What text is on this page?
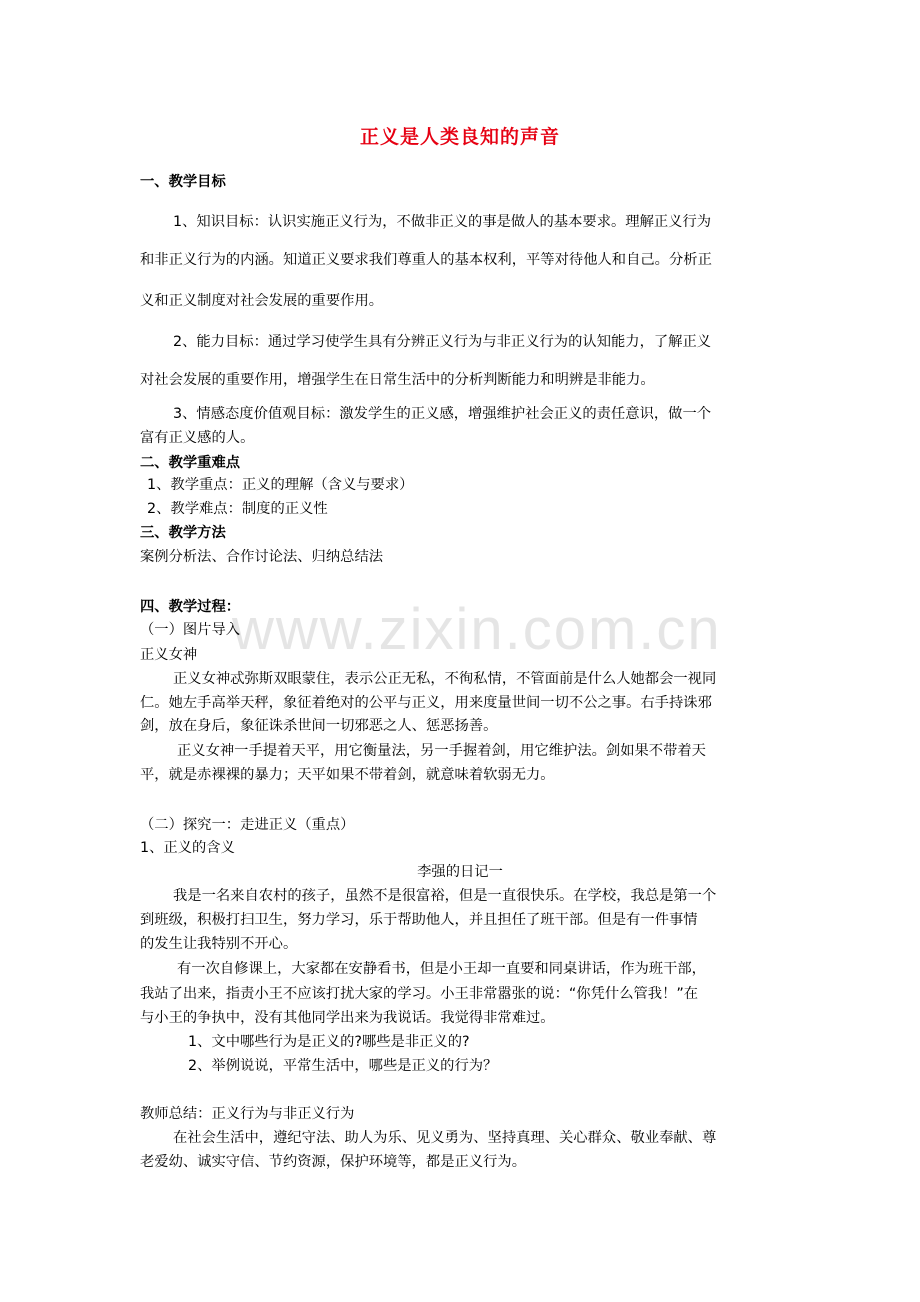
www.zixin.com.cn
正义是人类良知的声音
一、教学目标
1、知识目标：认识实施正义行为，不做非正义的事是做人的基本要求。理解正义行为
和非正义行为的内涵。知道正义要求我们尊重人的基本权利，平等对待他人和自己。分析正
义和正义制度对社会发展的重要作用。
2、能力目标：通过学习使学生具有分辨正义行为与非正义行为的认知能力，了解正义
对社会发展的重要作用，增强学生在日常生活中的分析判断能力和明辨是非能力。
3、情感态度价值观目标：激发学生的正义感，增强维护社会正义的责任意识，做一个
富有正义感的人。
二、教学重难点
1、教学重点：正义的理解（含义与要求）
2、教学难点：制度的正义性
三、教学方法
案例分析法、合作讨论法、归纳总结法
四、教学过程：
（一）图片导入
正义女神
正义女神忒弥斯双眼蒙住，表示公正无私，不徇私情，不管面前是什么人她都会一视同
仁。她左手高举天秤，象征着绝对的公平与正义，用来度量世间一切不公之事。右手持诛邪
剑，放在身后，象征诛杀世间一切邪恶之人、惩恶扬善。
正义女神一手提着天平，用它衡量法，另一手握着剑，用它维护法。剑如果不带着天
平，就是赤裸裸的暴力；天平如果不带着剑，就意味着软弱无力。
（二）探究一：走进正义（重点）
1、正义的含义
李强的日记一
我是一名来自农村的孩子，虽然不是很富裕，但是一直很快乐。在学校，我总是第一个
到班级，积极打扫卫生，努力学习，乐于帮助他人，并且担任了班干部。但是有一件事情
的发生让我特别不开心。
有一次自修课上，大家都在安静看书，但是小王却一直要和同桌讲话，作为班干部，
我站了出来，指责小王不应该打扰大家的学习。小王非常嚣张的说：“你凭什么管我！”在
与小王的争执中，没有其他同学出来为我说话。我觉得非常难过。
1、文中哪些行为是正义的?哪些是非正义的?
2、举例说说，平常生活中，哪些是正义的行为？
教师总结：正义行为与非正义行为
在社会生活中，遵纪守法、助人为乐、见义勇为、坚持真理、关心群众、敬业奉献、尊
老爱幼、诚实守信、节约资源，保护环境等，都是正义行为。
